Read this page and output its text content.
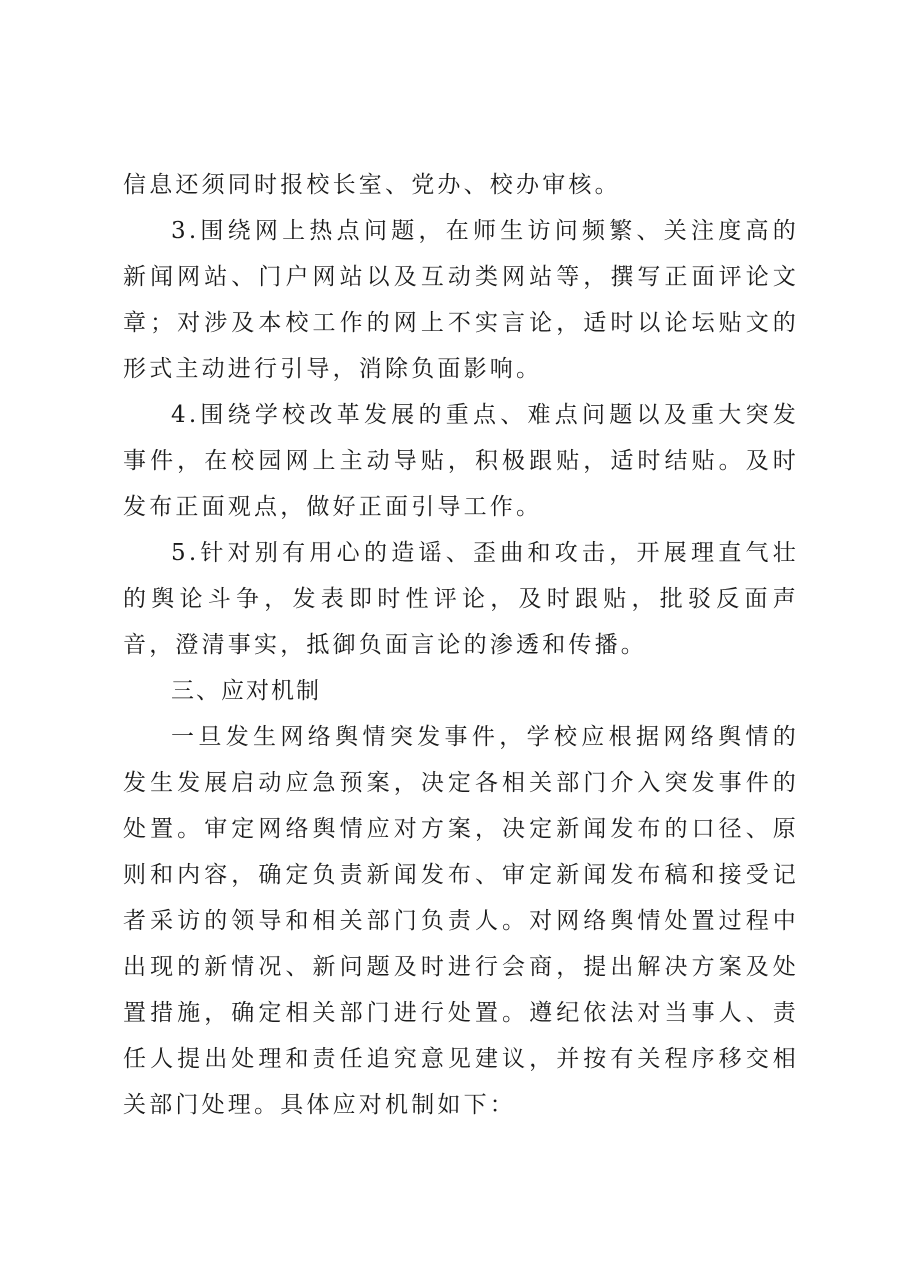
信息还须同时报校长室、党办、校办审核。

3.围绕网上热点问题，在师生访问频繁、关注度高的新闻网站、门户网站以及互动类网站等，撰写正面评论文章；对涉及本校工作的网上不实言论，适时以论坛贴文的形式主动进行引导，消除负面影响。

4.围绕学校改革发展的重点、难点问题以及重大突发事件，在校园网上主动导贴，积极跟贴，适时结贴。及时发布正面观点，做好正面引导工作。

5.针对别有用心的造谣、歪曲和攻击，开展理直气壮的舆论斗争，发表即时性评论，及时跟贴，批驳反面声音，澄清事实，抵御负面言论的渗透和传播。

三、应对机制

一旦发生网络舆情突发事件，学校应根据网络舆情的发生发展启动应急预案，决定各相关部门介入突发事件的处置。审定网络舆情应对方案，决定新闻发布的口径、原则和内容，确定负责新闻发布、审定新闻发布稿和接受记者采访的领导和相关部门负责人。对网络舆情处置过程中出现的新情况、新问题及时进行会商，提出解决方案及处置措施，确定相关部门进行处置。遵纪依法对当事人、责任人提出处理和责任追究意见建议，并按有关程序移交相关部门处理。具体应对机制如下：
